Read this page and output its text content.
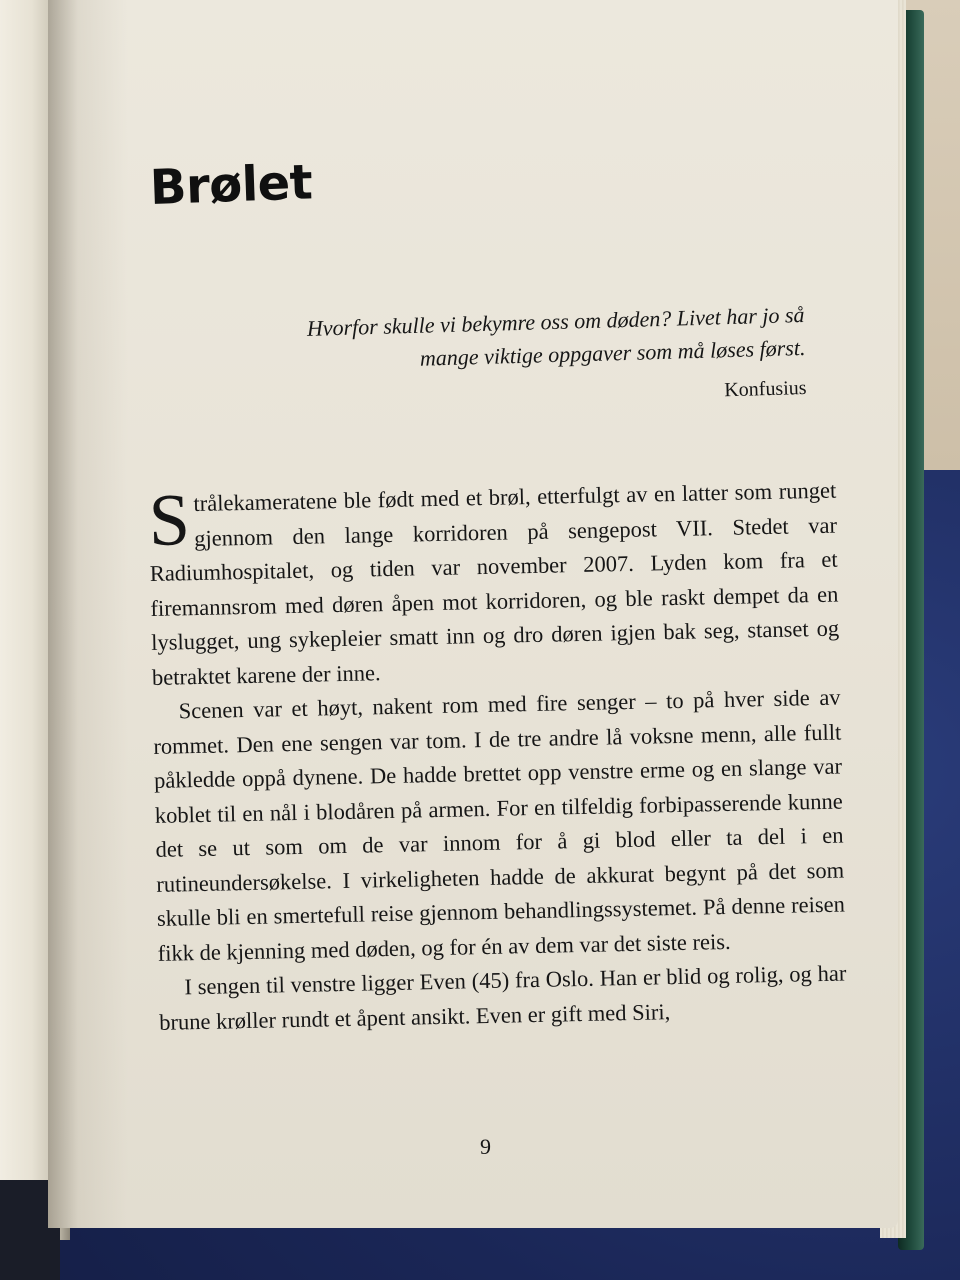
Brølet
Hvorfor skulle vi bekymre oss om døden? Livet har jo så mange viktige oppgaver som må løses først.
Konfusius

Strålekameratene ble født med et brøl, etterfulgt av en latter som runget gjennom den lange korridoren på sengepost VII. Stedet var Radiumhospitalet, og tiden var november 2007. Lyden kom fra et firemannsrom med døren åpen mot korridoren, og ble raskt dempet da en lyslugget, ung sykepleier smatt inn og dro døren igjen bak seg, stanset og betraktet karene der inne.

Scenen var et høyt, nakent rom med fire senger – to på hver side av rommet. Den ene sengen var tom. I de tre andre lå voksne menn, alle fullt påkledde oppå dynene. De hadde brettet opp venstre erme og en slange var koblet til en nål i blodåren på armen. For en tilfeldig forbipasserende kunne det se ut som om de var innom for å gi blod eller ta del i en rutineundersøkelse. I virkeligheten hadde de akkurat begynt på det som skulle bli en smertefull reise gjennom behandlingssystemet. På denne reisen fikk de kjenning med døden, og for én av dem var det siste reis.

I sengen til venstre ligger Even (45) fra Oslo. Han er blid og rolig, og har brune krøller rundt et åpent ansikt. Even er gift med Siri,

9
